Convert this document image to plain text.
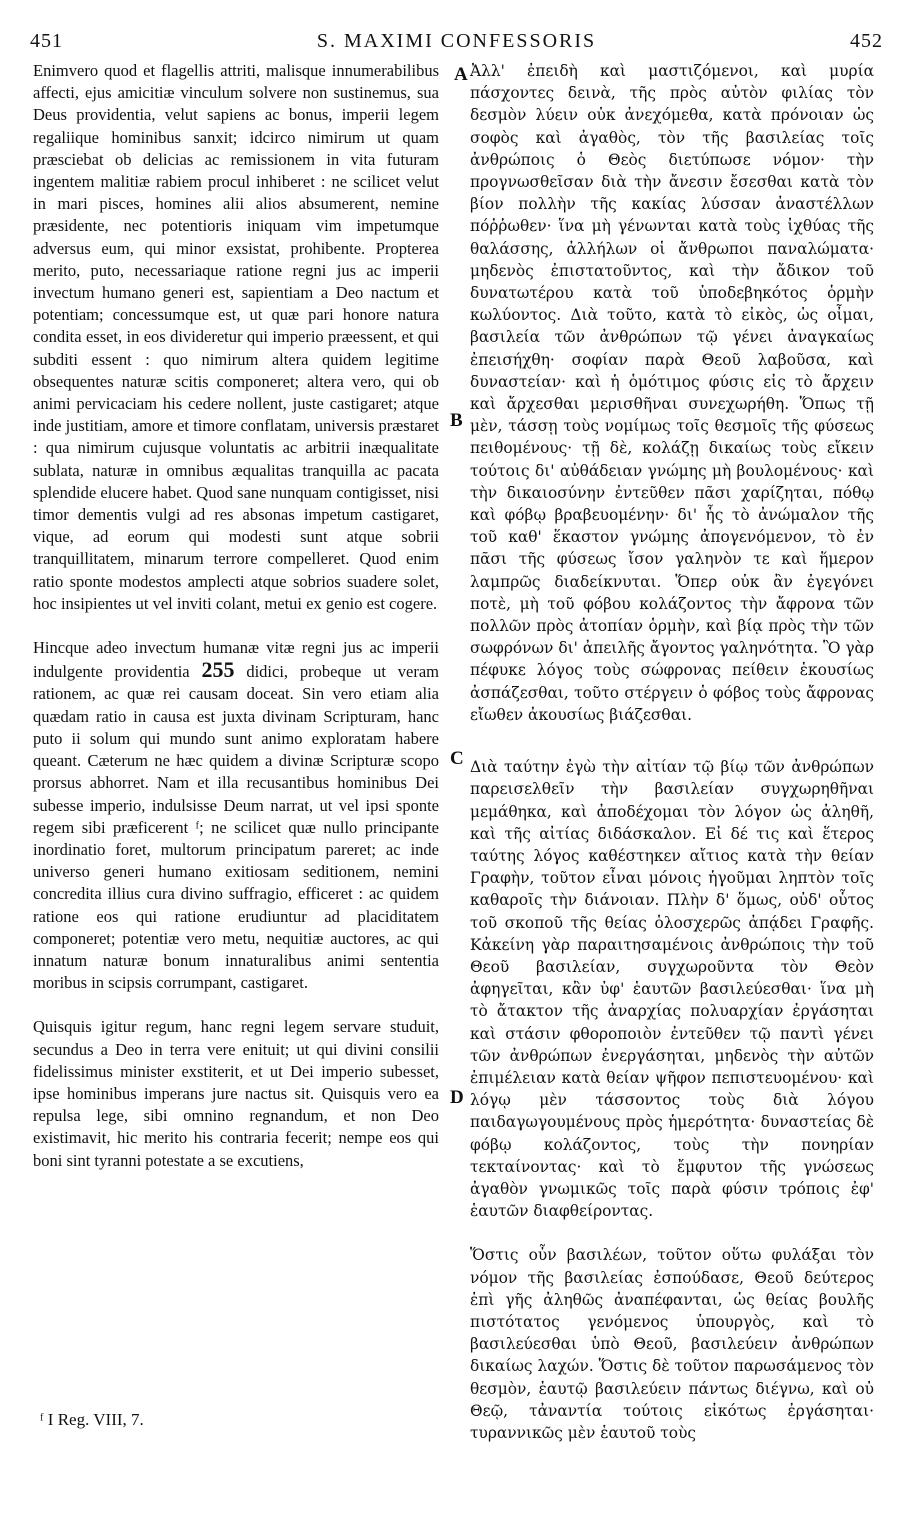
S. MAXIMI CONFESSORIS
451	452

Enimvero quod et flagellis attriti, malisque innumerabilibus affecti, ejus amicitiæ vinculum solvere non sustinemus, sua Deus providentia, velut sapiens ac bonus, imperii legem regaliique hominibus sanxit; idcirco nimirum ut quam præsciebat ob delicias ac remissionem in vita futuram ingentem malitiæ rabiem procul inhiberet : ne scilicet velut in mari pisces, homines alii alios absumerent, nemine præsidente, nec potentioris iniquam vim impetumque adversus eum, qui minor exsistat, prohibente. Propterea merito, puto, necessariaque ratione regni jus ac imperii invectum humano generi est, sapientiam a Deo nactum et potentiam; concessumque est, ut quæ pari honore natura condita esset, in eos divideretur qui imperio præessent, et qui subditi essent : quo nimirum altera quidem legitime obsequentes naturæ scitis componeret; altera vero, qui ob animi pervicaciam his cedere nollent, juste castigaret; atque inde justitiam, amore et timore conflatam, universis præstaret : qua nimirum cujusque voluntatis ac arbitrii inæqualitate sublata, naturæ in omnibus æqualitas tranquilla ac pacata splendide elucere habet. Quod sane nunquam contigisset, nisi timor dementis vulgi ad res absonas impetum castigaret, vique, ad eorum qui modesti sunt atque sobrii tranquillitatem, minarum terrore compelleret. Quod enim ratio sponte modestos amplecti atque sobrios suadere solet, hoc insipientes ut vel inviti colant, metui ex genio est cogere.

Hincque adeo invectum humanæ vitæ regni jus ac imperii indulgente providentia 255 didici, probeque ut veram rationem, ac quæ rei causam doceat. Sin vero etiam alia quædam ratio in causa est juxta divinam Scripturam, hanc puto ii solum qui mundo sunt animo exploratam habere queant. Cæterum ne hæc quidem a divinæ Scripturæ scopo prorsus abhorret. Nam et illa recusantibus hominibus Dei subesse imperio, indulsisse Deum narrat, ut vel ipsi sponte regem sibi præficerent ᶠ; ne scilicet quæ nullo principante inordinatio foret, multorum principatum pareret; ac inde universo generi humano exitiosam seditionem, nemini concredita illius cura divino suffragio, efficeret : ac quidem ratione eos qui ratione erudiuntur ad placiditatem componeret; potentiæ vero metu, nequitiæ auctores, ac qui innatum naturæ bonum innaturalibus animi sententia moribus in scipsis corrumpant, castigaret.

Quisquis igitur regum, hanc regni legem servare studuit, secundus a Deo in terra vere enituit; ut qui divini consilii fidelissimus minister exstiterit, et ut Dei imperio subesset, ipse hominibus imperans jure nactus sit. Quisquis vero ea repulsa lege, sibi omnino regnandum, et non Deo existimavit, hic merito his contraria fecerit; nempe eos qui boni sint tyranni potestate a se excutiens,

A
B
C
D

Ἀλλ' ἐπειδὴ καὶ μαστιζόμενοι, καὶ μυρία πάσχοντες δεινὰ, τῆς πρὸς αὐτὸν φιλίας τὸν δεσμὸν λύειν οὐκ ἀνεχόμεθα, κατὰ πρόνοιαν ὡς σοφὸς καὶ ἀγαθὸς, τὸν τῆς βασιλείας τοῖς ἀνθρώποις ὁ Θεὸς διετύπωσε νόμον· τὴν προγνωσθεῖσαν διὰ τὴν ἄνεσιν ἔσεσθαι κατὰ τὸν βίον πολλὴν τῆς κακίας λύσσαν ἀναστέλλων πόῤῥωθεν· ἵνα μὴ γένωνται κατὰ τοὺς ἰχθύας τῆς θαλάσσης, ἀλλήλων οἱ ἄνθρωποι παναλώματα· μηδενὸς ἐπιστατοῦντος, καὶ τὴν ἄδικον τοῦ δυνατωτέρου κατὰ τοῦ ὑποδεβηκότος ὁρμὴν κωλύοντος. Διὰ τοῦτο, κατὰ τὸ εἰκὸς, ὡς οἶμαι, βασιλεία τῶν ἀνθρώπων τῷ γένει ἀναγκαίως ἐπεισήχθη· σοφίαν παρὰ Θεοῦ λαβοῦσα, καὶ δυναστείαν· καὶ ἡ ὁμότιμος φύσις εἰς τὸ ἄρχειν καὶ ἄρχεσθαι μερισθῆναι συνεχωρήθη. Ὅπως τῇ μὲν, τάσσῃ τοὺς νομίμως τοῖς θεσμοῖς τῆς φύσεως πειθομένους· τῇ δὲ, κολάζῃ δικαίως τοὺς εἴκειν τούτοις δι' αὐθάδειαν γνώμης μὴ βουλομένους· καὶ τὴν δικαιοσύνην ἐντεῦθεν πᾶσι χαρίζηται, πόθῳ καὶ φόβῳ βραβευομένην· δι' ἧς τὸ ἀνώμαλον τῆς τοῦ καθ' ἕκαστον γνώμης ἀπογενόμενον, τὸ ἐν πᾶσι τῆς φύσεως ἴσον γαληνὸν τε καὶ ἥμερον λαμπρῶς διαδείκνυται. Ὅπερ οὐκ ἂν ἐγεγόνει ποτὲ, μὴ τοῦ φόβου κολάζοντος τὴν ἄφρονα τῶν πολλῶν πρὸς ἀτοπίαν ὁρμὴν, καὶ βίᾳ πρὸς τὴν τῶν σωφρόνων δι' ἀπειλῆς ἄγοντος γαληνότητα. Ὃ γὰρ πέφυκε λόγος τοὺς σώφρονας πείθειν ἑκουσίως ἀσπάζεσθαι, τοῦτο στέργειν ὁ φόβος τοὺς ἄφρονας εἴωθεν ἀκουσίως βιάζεσθαι.

Διὰ ταύτην ἐγὼ τὴν αἰτίαν τῷ βίῳ τῶν ἀνθρώπων παρεισελθεῖν τὴν βασιλείαν συγχωρηθῆναι μεμάθηκα, καὶ ἀποδέχομαι τὸν λόγον ὡς ἀληθῆ, καὶ τῆς αἰτίας διδάσκαλον. Εἰ δέ τις καὶ ἕτερος ταύτης λόγος καθέστηκεν αἴτιος κατὰ τὴν θείαν Γραφὴν, τοῦτον εἶναι μόνοις ἡγοῦμαι ληπτὸν τοῖς καθαροῖς τὴν διάνοιαν. Πλὴν δ' ὅμως, οὐδ' οὗτος τοῦ σκοποῦ τῆς θείας ὁλοσχερῶς ἀπᾴδει Γραφῆς. Κἀκείνη γὰρ παραιτησαμένοις ἀνθρώποις τὴν τοῦ Θεοῦ βασιλείαν, συγχωροῦντα τὸν Θεὸν ἀφηγεῖται, κἂν ὑφ' ἑαυτῶν βασιλεύεσθαι· ἵνα μὴ τὸ ἄτακτον τῆς ἀναρχίας πολυαρχίαν ἐργάσηται καὶ στάσιν φθοροποιὸν ἐντεῦθεν τῷ παντὶ γένει τῶν ἀνθρώπων ἐνεργάσηται, μηδενὸς τὴν αὐτῶν ἐπιμέλειαν κατὰ θείαν ψῆφον πεπιστευομένου· καὶ λόγῳ μὲν τάσσοντος τοὺς διὰ λόγου παιδαγωγουμένους πρὸς ἡμερότητα· δυναστείας δὲ φόβῳ κολάζοντος, τοὺς τὴν πονηρίαν τεκταίνοντας· καὶ τὸ ἔμφυτον τῆς γνώσεως ἀγαθὸν γνωμικῶς τοῖς παρὰ φύσιν τρόποις ἐφ' ἑαυτῶν διαφθείροντας.

Ὅστις οὖν βασιλέων, τοῦτον οὕτω φυλάξαι τὸν νόμον τῆς βασιλείας ἐσπούδασε, Θεοῦ δεύτερος ἐπὶ γῆς ἀληθῶς ἀναπέφανται, ὡς θείας βουλῆς πιστότατος γενόμενος ὑπουργὸς, καὶ τὸ βασιλεύεσθαι ὑπὸ Θεοῦ, βασιλεύειν ἀνθρώπων δικαίως λαχών. Ὅστις δὲ τοῦτον παρωσάμενος τὸν θεσμὸν, ἑαυτῷ βασιλεύειν πάντως διέγνω, καὶ οὐ Θεῷ, τἀναντία τούτοις εἰκότως ἐργάσηται· τυραννικῶς μὲν ἑαυτοῦ τοὺς

ᶠ I Reg. VIII, 7.
